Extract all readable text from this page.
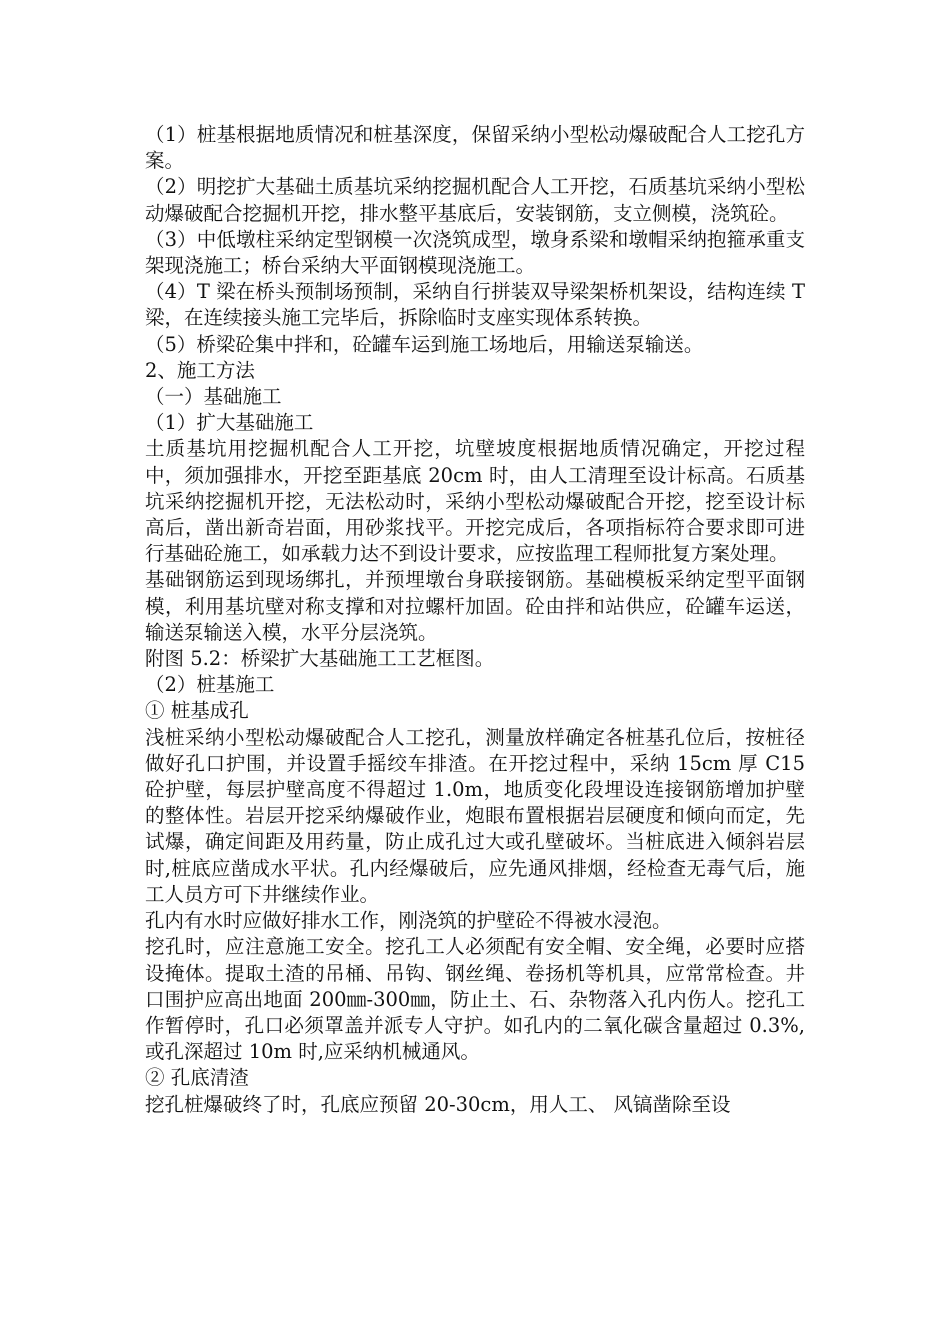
（1）桩基根据地质情况和桩基深度，保留采纳小型松动爆破配合人工挖孔方案。

（2）明挖扩大基础土质基坑采纳挖掘机配合人工开挖，石质基坑采纳小型松动爆破配合挖掘机开挖，排水整平基底后，安装钢筋，支立侧模，浇筑砼。

（3）中低墩柱采纳定型钢模一次浇筑成型，墩身系梁和墩帽采纳抱箍承重支架现浇施工；桥台采纳大平面钢模现浇施工。

（4）T 梁在桥头预制场预制，采纳自行拼装双导梁架桥机架设，结构连续 T 梁，在连续接头施工完毕后，拆除临时支座实现体系转换。

（5）桥梁砼集中拌和，砼罐车运到施工场地后，用输送泵输送。

2、施工方法

（一）基础施工

（1）扩大基础施工

土质基坑用挖掘机配合人工开挖，坑壁坡度根据地质情况确定，开挖过程中，须加强排水，开挖至距基底 20cm 时，由人工清理至设计标高。石质基坑采纳挖掘机开挖，无法松动时，采纳小型松动爆破配合开挖，挖至设计标高后，凿出新奇岩面，用砂浆找平。开挖完成后，各项指标符合要求即可进行基础砼施工，如承载力达不到设计要求，应按监理工程师批复方案处理。

基础钢筋运到现场绑扎，并预埋墩台身联接钢筋。基础模板采纳定型平面钢模，利用基坑壁对称支撑和对拉螺杆加固。砼由拌和站供应，砼罐车运送，输送泵输送入模，水平分层浇筑。

附图 5.2：桥梁扩大基础施工工艺框图。

（2）桩基施工

① 桩基成孔

浅桩采纳小型松动爆破配合人工挖孔，测量放样确定各桩基孔位后，按桩径做好孔口护围，并设置手摇绞车排渣。在开挖过程中，采纳 15cm 厚 C15 砼护壁，每层护壁高度不得超过 1.0m，地质变化段埋设连接钢筋增加护壁的整体性。岩层开挖采纳爆破作业，炮眼布置根据岩层硬度和倾向而定，先试爆，确定间距及用药量，防止成孔过大或孔壁破坏。当桩底进入倾斜岩层时,桩底应凿成水平状。孔内经爆破后，应先通风排烟，经检查无毒气后，施工人员方可下井继续作业。

孔内有水时应做好排水工作，刚浇筑的护壁砼不得被水浸泡。

挖孔时，应注意施工安全。挖孔工人必须配有安全帽、安全绳，必要时应搭设掩体。提取土渣的吊桶、吊钩、钢丝绳、卷扬机等机具，应常常检查。井口围护应高出地面 200㎜-300㎜，防止土、石、杂物落入孔内伤人。挖孔工作暂停时，孔口必须罩盖并派专人守护。如孔内的二氧化碳含量超过 0.3%,或孔深超过 10m 时,应采纳机械通风。

② 孔底清渣

挖孔桩爆破终了时，孔底应预留 20-30cm，用人工、 风镐凿除至设
